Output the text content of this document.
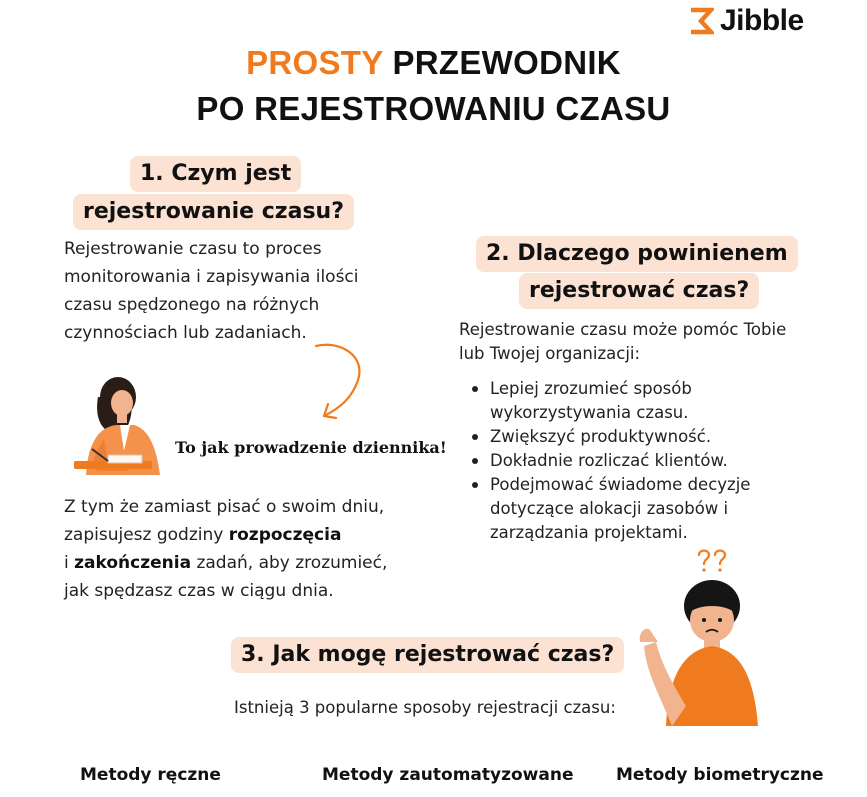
Jibble
PROSTY PRZEWODNIK
PO REJESTROWANIU CZASU
1. Czym jest
rejestrowanie czasu?
Rejestrowanie czasu to proces
monitorowania i zapisywania ilości
czasu spędzonego na różnych
czynnościach lub zadaniach.
To jak prowadzenie dziennika!
Z tym że zamiast pisać o swoim dniu,
zapisujesz godziny rozpoczęcia
i zakończenia zadań, aby zrozumieć,
jak spędzasz czas w ciągu dnia.
2. Dlaczego powinienem
rejestrować czas?
Rejestrowanie czasu może pomóc Tobie
lub Twojej organizacji:
Lepiej zrozumieć sposób
wykorzystywania czasu.
Zwiększyć produktywność.
Dokładnie rozliczać klientów.
Podejmować świadome decyzje
dotyczące alokacji zasobów i
zarządzania projektami.
3. Jak mogę rejestrować czas?
Istnieją 3 popularne sposoby rejestracji czasu:
Metody ręczne	Metody zautomatyzowane	Metody biometryczne
